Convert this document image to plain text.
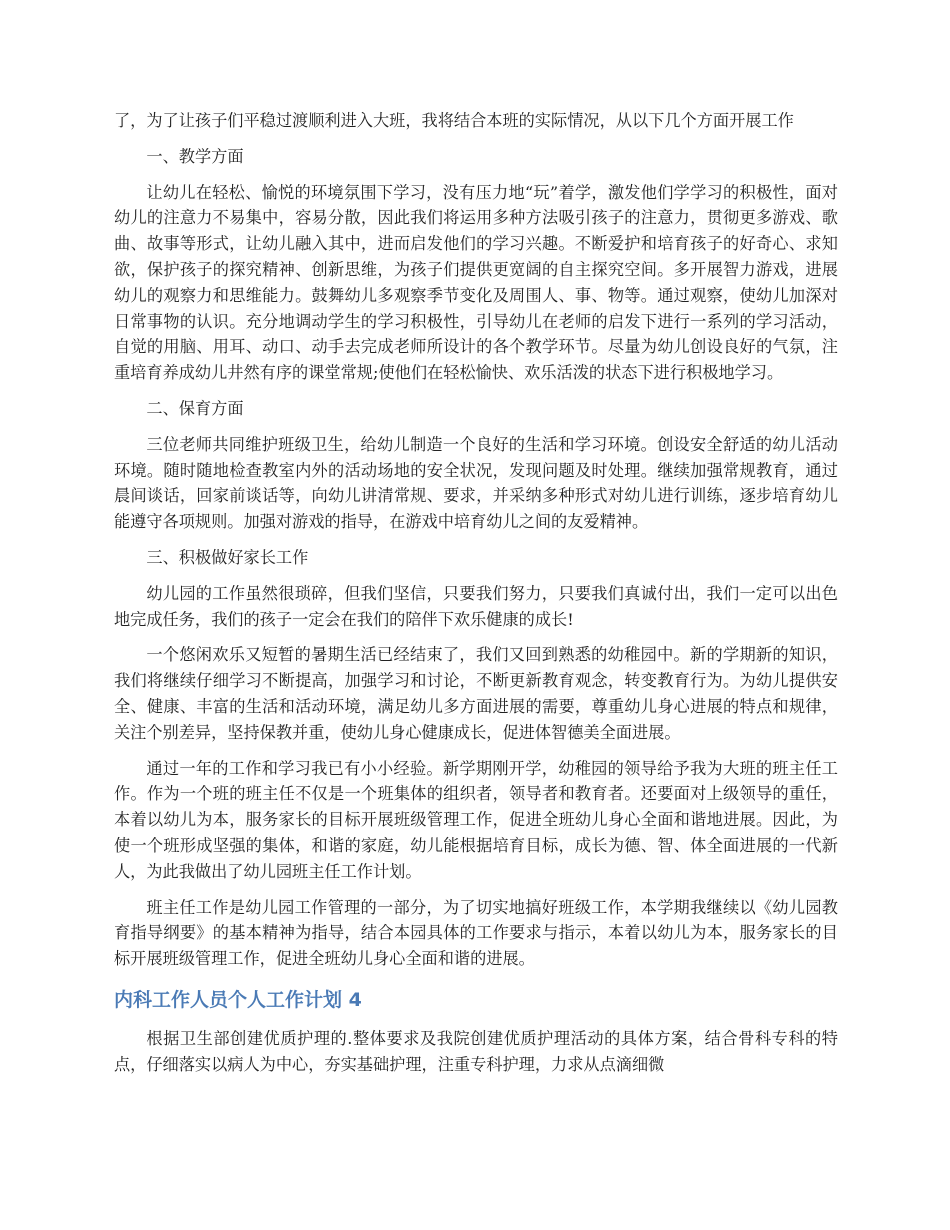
了，为了让孩子们平稳过渡顺利进入大班，我将结合本班的实际情况，从以下几个方面开展工作

一、教学方面

让幼儿在轻松、愉悦的环境氛围下学习，没有压力地“玩”着学，激发他们学学习的积极性，面对幼儿的注意力不易集中，容易分散，因此我们将运用多种方法吸引孩子的注意力，贯彻更多游戏、歌曲、故事等形式，让幼儿融入其中，进而启发他们的学习兴趣。不断爱护和培育孩子的好奇心、求知欲，保护孩子的探究精神、创新思维，为孩子们提供更宽阔的自主探究空间。多开展智力游戏，进展幼儿的观察力和思维能力。鼓舞幼儿多观察季节变化及周围人、事、物等。通过观察，使幼儿加深对日常事物的认识。充分地调动学生的学习积极性，引导幼儿在老师的启发下进行一系列的学习活动，自觉的用脑、用耳、动口、动手去完成老师所设计的各个教学环节。尽量为幼儿创设良好的气氛，注重培育养成幼儿井然有序的课堂常规;使他们在轻松愉快、欢乐活泼的状态下进行积极地学习。

二、保育方面

三位老师共同维护班级卫生，给幼儿制造一个良好的生活和学习环境。创设安全舒适的幼儿活动环境。随时随地检查教室内外的活动场地的安全状况，发现问题及时处理。继续加强常规教育，通过晨间谈话，回家前谈话等，向幼儿讲清常规、要求，并采纳多种形式对幼儿进行训练，逐步培育幼儿能遵守各项规则。加强对游戏的指导，在游戏中培育幼儿之间的友爱精神。

三、积极做好家长工作

幼儿园的工作虽然很琐碎，但我们坚信，只要我们努力，只要我们真诚付出，我们一定可以出色地完成任务，我们的孩子一定会在我们的陪伴下欢乐健康的成长!

一个悠闲欢乐又短暂的暑期生活已经结束了，我们又回到熟悉的幼稚园中。新的学期新的知识，我们将继续仔细学习不断提高，加强学习和讨论，不断更新教育观念，转变教育行为。为幼儿提供安全、健康、丰富的生活和活动环境，满足幼儿多方面进展的需要，尊重幼儿身心进展的特点和规律，关注个别差异，坚持保教并重，使幼儿身心健康成长，促进体智德美全面进展。

通过一年的工作和学习我已有小小经验。新学期刚开学，幼稚园的领导给予我为大班的班主任工作。作为一个班的班主任不仅是一个班集体的组织者，领导者和教育者。还要面对上级领导的重任，本着以幼儿为本，服务家长的目标开展班级管理工作，促进全班幼儿身心全面和谐地进展。因此，为使一个班形成坚强的集体，和谐的家庭，幼儿能根据培育目标，成长为德、智、体全面进展的一代新人，为此我做出了幼儿园班主任工作计划。

班主任工作是幼儿园工作管理的一部分，为了切实地搞好班级工作，本学期我继续以《幼儿园教育指导纲要》的基本精神为指导，结合本园具体的工作要求与指示，本着以幼儿为本，服务家长的目标开展班级管理工作，促进全班幼儿身心全面和谐的进展。

内科工作人员个人工作计划 4

根据卫生部创建优质护理的.整体要求及我院创建优质护理活动的具体方案，结合骨科专科的特点，仔细落实以病人为中心，夯实基础护理，注重专科护理，力求从点滴细微
